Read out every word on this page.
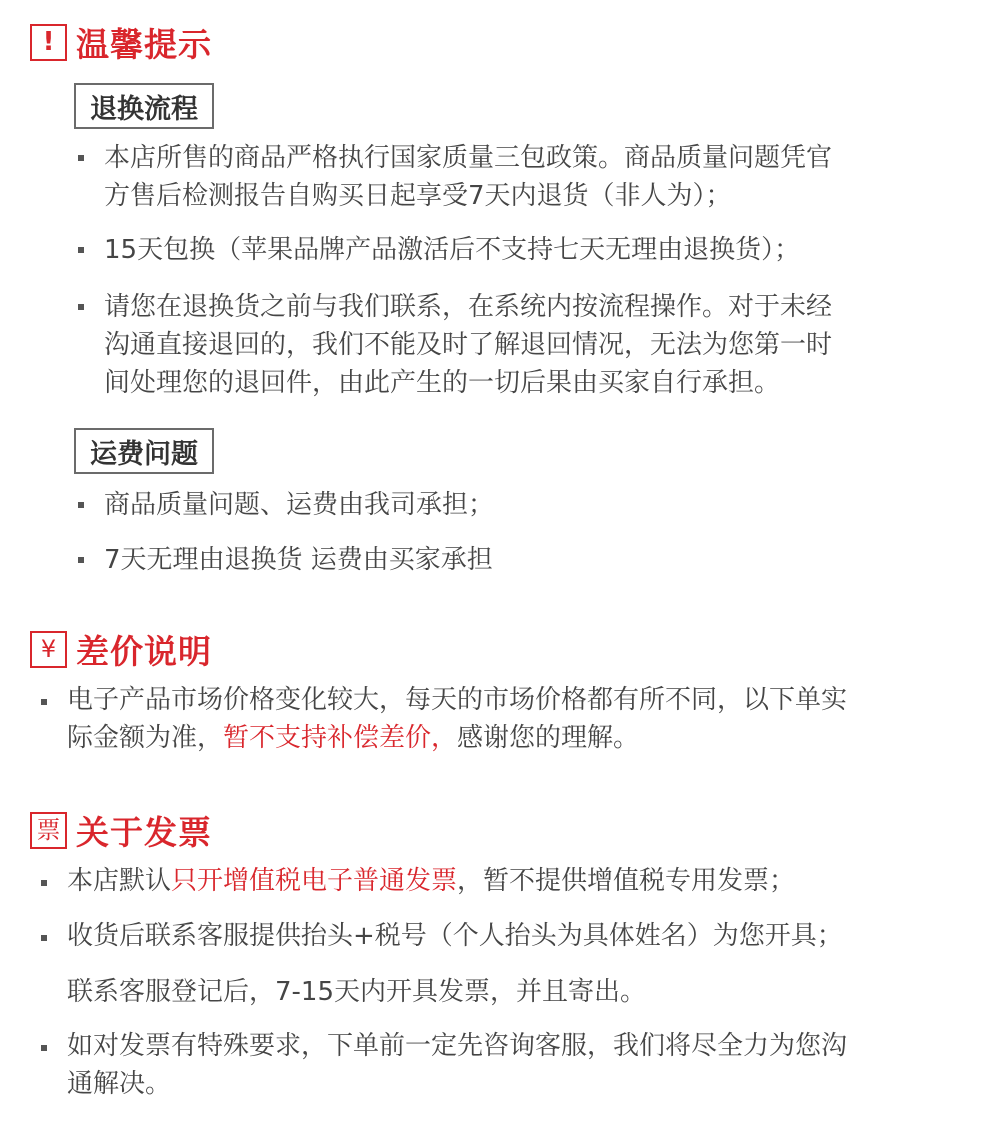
! 温馨提示
退换流程
本店所售的商品严格执行国家质量三包政策。商品质量问题凭官
方售后检测报告自购买日起享受7天内退货（非人为）；
15天包换（苹果品牌产品激活后不支持七天无理由退换货）；
请您在退换货之前与我们联系，在系统内按流程操作。对于未经
沟通直接退回的，我们不能及时了解退回情况，无法为您第一时
间处理您的退回件，由此产生的一切后果由买家自行承担。
运费问题
商品质量问题、运费由我司承担；
7天无理由退换货 运费由买家承担
¥ 差价说明
电子产品市场价格变化较大，每天的市场价格都有所不同，以下单实
际金额为准，暂不支持补偿差价，感谢您的理解。
票 关于发票
本店默认只开增值税电子普通发票，暂不提供增值税专用发票；
收货后联系客服提供抬头+税号（个人抬头为具体姓名）为您开具；
联系客服登记后，7-15天内开具发票，并且寄出。
如对发票有特殊要求，下单前一定先咨询客服，我们将尽全力为您沟
通解决。
